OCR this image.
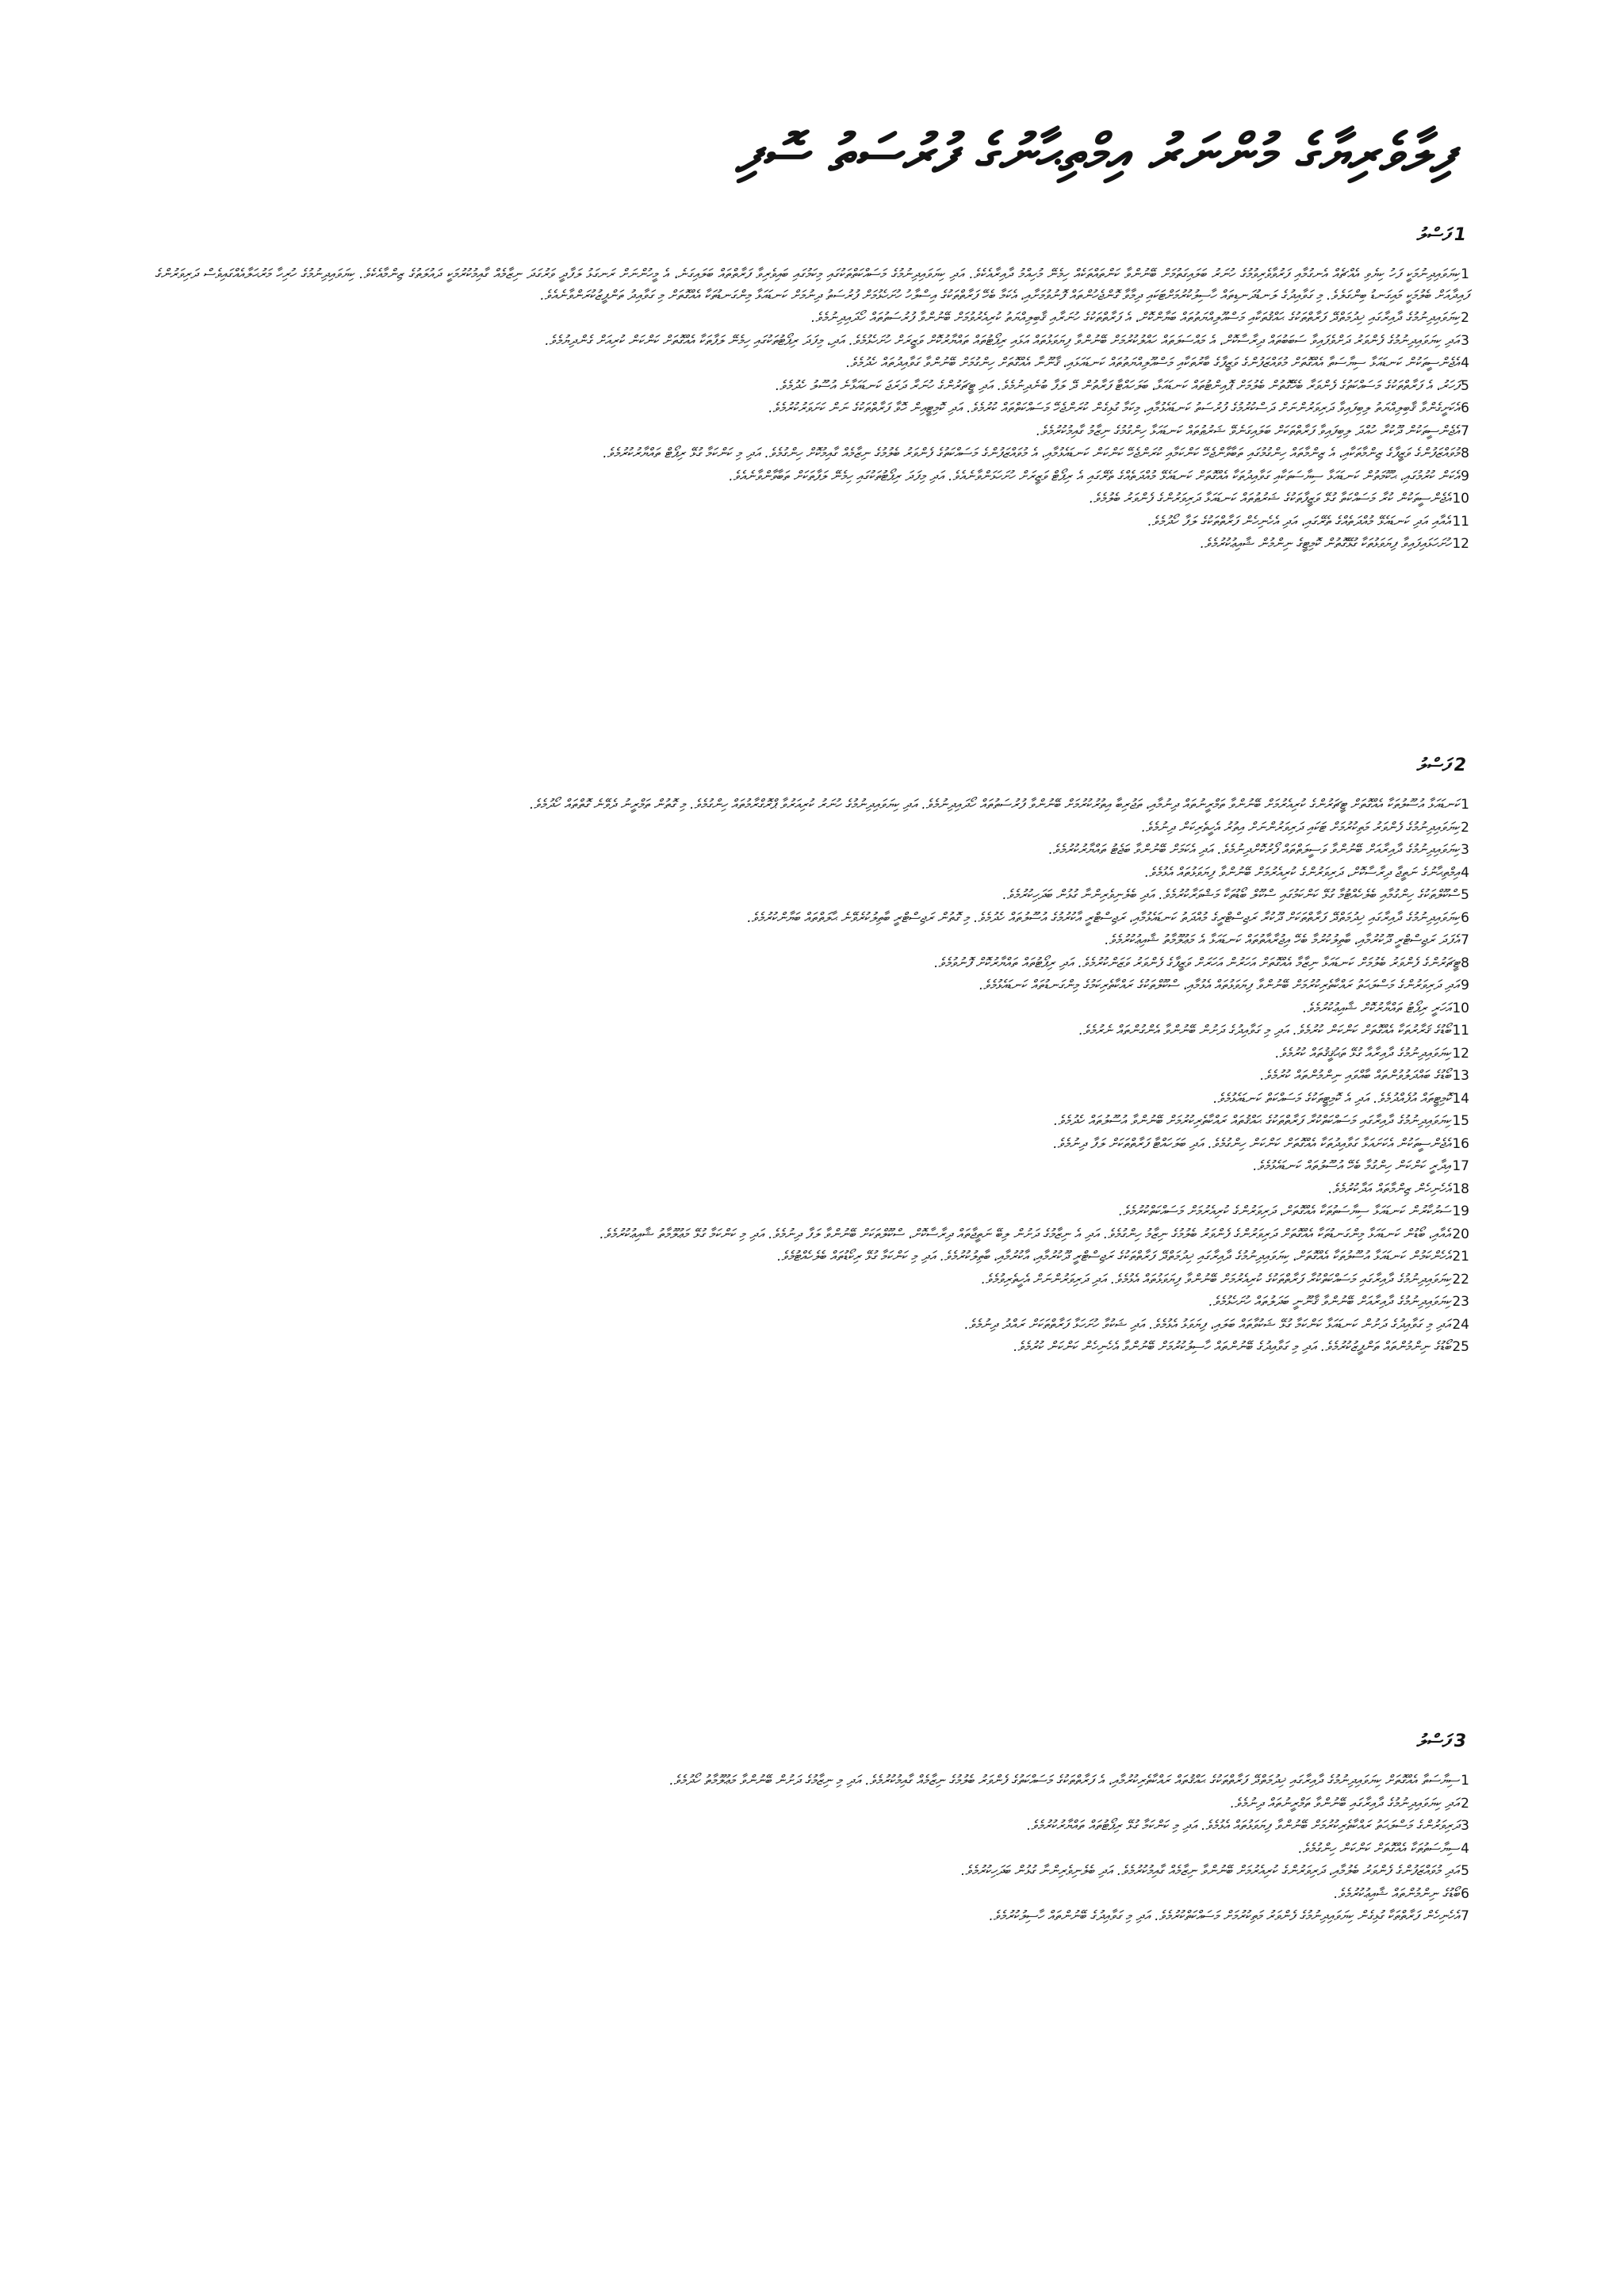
ފިލާވެރިޔާގެ މުންނަރު އިމްތިޙާނުގެ ފުރުސަތު ސޮފި
1ފަސްލު

1ކިޔަވައިދިނުމަކީ ފަހު ކިޔެވި އެއްޗެއް އެނގުމާއި ފަރުވާވެރިވުމުގެ ހުނަރު ބަލައިގަތުމަށް ބޭނުންވާ ކަންތައްތަކެއް ހިމެނޭ މުހިއްމު ދާއިރާއެކެވެ. އަދި ކިޔަވައިދިނުމުގެ މަސައްކަތްތަކުގައި މިކަމުގައި ބައިވެރިވާ ފަރާތްތައް ބަލައިގަނެ، އެ މީހުންނަށް ރަނގަޅު ލަފާދީ ވަރުގަދަ ނިޒާމެއް ގާއިމުކުރުމަކީ ދައުލަތުގެ ޒިންމާއެކެވެ. ކިޔަވައިދިނުމުގެ ހުރިހާ މަރުޙަލާއެއްގައިވެސް ދަރިވަރުންގެ ފައިދާއަށް ބެލުމަކީ މައިގަނޑު ބިންގަލެވެ. މި ގަވާއިދުގެ ލަނޑުދަނޑިތައް ހާސިލުކުރުމަށްޓަކައި ދިމާވާ ގޮންޖެހުންތައް ފޮނުވުމަށާއި، އެކަމާ ބެހޭ ފަރާތްތަކުގެ އިސްލާހު ހުށަހެޅުމަށް ފުރުސަތު ދިނުމަށް ކަނޑައަޅާ މިންގަނޑުތަކާ އެއްގޮތަށް މި ގަވާއިދު ތަންފީޒުކުރަންވާނެއެވެ.

2ކިޔަވައިދިނުމުގެ ދާއިރާގައި ޚިދުމަތްދޭ ފަރާތްތަކުގެ ޙައްޤުތަކާއި މަސްއޫލިއްޔަތުތައް ބަޔާންކޮށް، އެ ފަރާތްތަކުގެ ހުނަރާއި ޤާބިލިއްޔަތު ކުރިއެރުވުމަށް ބޭނުންވާ ފުރުސަތުތައް ހޯދައިދިނުމެވެ.

3އަދި ކިޔަވައިދިނުމުގެ ފެންވަރު ދަށްވެފައިވާ ސަބަބުތައް ދިރާސާކޮށް، އެ މައްސަލަތައް ހައްލުކުރުމަށް ބޭނުންވާ ފިޔަވަޅުތައް އަޅައި ރިޕޯޓުތައް ތައްޔާރުކޮށް ވަޒީރަށް ހުށަހެޅުމެވެ. އަދި، މިފަދަ ރިޕޯޓުތަކުގައި ހިމެނޭ ލަފާތަކާ އެއްގޮތަށް ކަންކަން ކުރިއަށް ގެންދިޔުމެވެ.

4އެޖެންސީތަކުން ކަނޑައަޅާ ސިޔާސަތާ އެއްގޮތަށް މުވައްޒަފުންގެ ވަޒީފާގެ ބާރުތަކާއި މަސްއޫލިއްޔަތުތައް ކަނޑައަޅައި، ޤާނޫނާ އެއްގޮތަށް ހިންގުމަށް ބޭނުންވާ ގަވާއިދުތައް ހެދުމެވެ.

5ފަހަރު، އެ ފަރާތްތަކުގެ މަސައްކަތުގެ ފެންވަރާ ބެހޭގޮތުން ބެލުމަށް ޕޮއިންޓުތައް ކަނޑައަޅާ، ބަލަހައްޓާ ފަރާތުން ދޭ ލަފާ ބުނެދިނުމެވެ. އަދި ޓީޗަރުންގެ ހުނަރާ ދަރަޖަ ކަނޑައަޅާނެ އުސޫލު ހެދުމެވެ.

6އެކަށީގެންވާ ޤާބިލިއްޔަތު ލިބިފައިވާ ދަރިވަރުންނަށް ދަސްކުރުމުގެ ފުރުސަތު ކަނޑައެޅުމާއި، މިކަމާ ގުޅިގެން ކުރަންޖެހޭ މަސައްކަތްތައް ކުރުމެވެ. އަދި ކޮމިޓީއިން ހޮވާ ފަރާތްތަކުގެ ނަން ކަށަވަރުކުރުމެވެ.

7އެޖެންސީތަކުން ދޫކުރާ ހުއްދަ ލިބިފައިވާ ފަރާތްތަކަށް ބަލައިގަނެވޭ ޝަރުޠުތައް ކަނޑައަޅާ ހިންގުމުގެ ނިޒާމު ގާއިމުކުރުމެވެ.

8މުވައްޒަފުންގެ ވަޒީފާގެ ޒިންމާތަކާއި، އެ ޒިންމާތައް ހިންގުމުގައި ތަބާވާންޖެހޭ ކަންކަމާއި ކުރަންޖެހޭ ކަންކަން ކަނޑައެޅުމާއި، އެ މުވައްޒަފުންގެ މަސައްކަތުގެ ފެންވަރު ބެލުމުގެ ނިޒާމެއް ގާއިމުކޮށް ހިންގުމެވެ. އަދި މި ކަންކަމާ ގުޅޭ ރިޕޯޓް ތައްޔާރުކުރުމެވެ.

9އެކަން ކުރުމުގައި، ޙުކޫމަތުން ކަނޑައަޅާ ސިޔާސަތަކާއި ގަވާއިދުތަކާ އެއްގޮތަށް ކަނޑައެޅޭ މުއްދަތެއްގެ ތެރޭގައި އެ ރިޕޯޓް ވަޒީރަށް ހުށަހަޅަންވާނެއެވެ. އަދި މިފަދަ ރިޕޯޓުތަކުގައި ހިމެނޭ ލަފާތަކަށް ތަބާވާންވާނެއެވެ.

10އެޖެންސީތަކުން ކުރާ މަސައްކަތާ ގުޅޭ ވަޒީފާތަކުގެ ޝަރުޠުތައް ކަނޑައަޅާ ދަރިވަރުންގެ ފެންވަރު ބެލުމެވެ.

11އެއާއި އަދި ކަނޑައެޅޭ މުއްދަތެއްގެ ތެރޭގައި، އަދި އެހެނިހެން ފަރާތްތަކުގެ ލަފާ ހޯދުމެވެ.

12ހުށަހަޅައިފައިވާ ފިޔަވަޅުތަކާ ގުޅޭގޮތުން ކޮމިޓީގެ ނިންމުން ޝާއިޢުކުރުމެވެ.

2ފަސްލު

1ކަނޑައަޅާ އުސޫލުތަކާ އެއްގޮތަށް ޓީޗަރުންގެ ކުރިއެރުމަށް ބޭނުންވާ ތަމްރީނުތައް ދިނުމާއި، ތަޖުރިބާ އިތުރުކުރުމަށް ބޭނުންވާ ފުރުސަތުތައް ހޯދައިދިނުމެވެ. އަދި ކިޔަވައިދިނުމުގެ ހުނަރު ކުރިއަރުވާ ޕްރޮގްރާމުތައް ހިންގުމެވެ. މި ގޮތުން ތަމްރީނު ދެވޭނެ ގޮތްތައް ހޯދުމެވެ.

2ކިޔަވައިދިނުމުގެ ފެންވަރު މަތިކުރުމަށް ޓަކައި ދަރިވަރުންނަށް އިތުރު އެހީތެރިކަން ދިނުމެވެ.

3ކިޔަވައިދިނުމުގެ ދާއިރާއަށް ބޭނުންވާ ވަސީލަތްތައް ފޯރުކޮށްދިނުމެވެ. އަދި އެކަމަށް ބޭނުންވާ ބަޖެޓު ތައްޔާރުކުރުމެވެ.

4އިމްތިޙާނުގެ ނަތީޖާ ދިރާސާކޮށް، ދަރިވަރުންގެ ކުރިއެރުމަށް ބޭނުންވާ ފިޔަވަޅުތައް އެޅުމެވެ.

5ސްކޫލްތަކުގެ ހިންގުމާއި ބެލެހެއްޓުމާ ގުޅޭ ކަންކަމުގައި ސްކޫލް ބޯޑުތަކާ މަޝްވަރާކުރުމެވެ. އަދި ބެލެނިވެރިންނާ ގުޅުން ބަދަހިކުރުމެވެ.

6ކިޔަވައިދިނުމުގެ ދާއިރާގައި ޚިދުމަތްދޭ ފަރާތްތަކަށް ދޫކުރާ ރަޖިސްޓްރީގެ މުއްދަތު ކަނޑައެޅުމާއި، ރަޖިސްޓްރީ އާކުރުމުގެ އުސޫލުތައް ހެދުމެވެ. މި ގޮތުން ރަޖިސްޓްރީ ބާތިލުކުރެވޭނެ ޙާލަތްތައް ބަޔާންކުރުމެވެ.

7އެފަދަ ރަޖިސްޓްރީ ދޫކުރުމާއި، ބާތިލުކުރުމާ ބެހޭ އިޖުރާއާތުތައް ކަނޑައަޅާ އެ މަޢުލޫމާތު ޝާއިޢުކުރުމެވެ.

8ޓީޗަރުންގެ ފެންވަރު ބެލުމަށް ކަނޑައަޅާ ނިޒާމާ އެއްގޮތަށް އަހަރުން އަހަރަށް ވަޒީފާގެ ފެންވަރު ވަޒަންކުރުމެވެ. އަދި ރިޕޯޓުތައް ތައްޔާރުކޮށް ފޮނުވުމެވެ.

9އަދި ދަރިވަރުންގެ މަސްލަޙަތު ރައްކާތެރިކުރުމަށް ބޭނުންވާ ފިޔަވަޅުތައް އެޅުމާއި، ސްކޫލްތަކުގެ ރައްކާތެރިކަމުގެ މިންގަނޑުތައް ކަނޑައެޅުމެވެ.

10އަހަރީ ރިޕޯޓު ތައްޔާރުކޮށް ޝާއިޢުކުރުމެވެ.

11ބޯޑުގެ ޤަރާރުތަކާ އެއްގޮތަށް ކަންކަން ކުރުމެވެ. އަދި މި ގަވާއިދުގެ ދަށުން ބޭނުންވާ އެންގުންތައް ނެރުމެވެ.

12ކިޔަވައިދިނުމުގެ ދާއިރާއާ ގުޅޭ ތަޙުޤީޤުތައް ކުރުމެވެ.

13ބޯޑުގެ ބައްދަލުވުންތައް ބާއްވައި ނިންމުންތައް ކުރުމެވެ.

14ކޮމިޓީތައް އުފެއްދުމެވެ. އަދި އެ ކޮމިޓީތަކުގެ މަސައްކަތް ކަނޑައެޅުމެވެ.

15ކިޔަވައިދިނުމުގެ ދާއިރާގައި މަސައްކަތްކުރާ ފަރާތްތަކުގެ ޙައްޤުތައް ރައްކާތެރިކުރުމަށް ބޭނުންވާ އުސޫލުތައް ހެދުމެވެ.

16އެޖެންސީތަކުން އެކަށައަޅާ ގަވާއިދުތަކާ އެއްގޮތަށް ކަންކަން ހިންގުމެވެ. އަދި ބަލަހައްޓާ ފަރާތްތަކަށް ލަފާ ދިނުމެވެ.

17އިދާރީ ކަންކަން ހިންގުމާ ބެހޭ އުސޫލުތައް ކަނޑައެޅުމެވެ.

18އެހެނިހެން ޒިންމާތައް އަދާކުރުމެވެ.

19ސަރުކާރުން ކަނޑައަޅާ ސިޔާސަތުތަކާ އެއްގޮތަށް، ދަރިވަރުންގެ ކުރިއެރުމަށް މަސައްކަތްކުރުމެވެ.

20އެއާއި، ބޯޑުން ކަނޑައަޅާ މިންގަނޑުތަކާ އެއްގޮތަށް ދަރިވަރުންގެ ފެންވަރު ބެލުމުގެ ނިޒާމު ހިންގުމެވެ. އަދި އެ ނިޒާމުގެ ދަށުން ލިބޭ ނަތީޖާތައް ދިރާސާކޮށް، ސްކޫލްތަކަށް ބޭނުންވާ ލަފާ ދިނުމެވެ. އަދި މި ކަންކަމާ ގުޅޭ މަޢުލޫމާތު ޝާއިޢުކުރުމެވެ.

21އެހެންކަމުން ކަނޑައަޅާ އުސޫލުތަކާ އެއްގޮތަށް، ކިޔަވައިދިނުމުގެ ދާއިރާގައި ޚިދުމަތްދޭ ފަރާތްތަކުގެ ރަޖިސްޓްރީ ދޫކުރުމާއި، އާކުރުމާއި، ބާތިލުކުރުމެވެ. އަދި މި ކަންކަމާ ގުޅޭ ރިކޯޑުތައް ބެލެހެއްޓުމެވެ.

22ކިޔަވައިދިނުމުގެ ދާއިރާގައި މަސައްކަތްކުރާ ފަރާތްތަކުގެ ކުރިއެރުމަށް ބޭނުންވާ ފިޔަވަޅުތައް އެޅުމެވެ. އަދި ދަރިވަރުންނަށް އެހީތެރިވުމެވެ.

23ކިޔަވައިދިނުމުގެ ދާއިރާއަށް ބޭނުންވާ ޤާނޫނީ ބަދަލުތައް ހުށަހެޅުމެވެ.

24އަދި މި ގަވާއިދުގެ ދަށުން ކަނޑައަޅާ ކަންކަމާ ގުޅޭ ޝަކުވާތައް ބަލައި، ފިޔަވަޅު އެޅުމެވެ. އަދި ޝަކުވާ ހުށަހަޅާ ފަރާތްތަކަށް ރައްދު ދިނުމެވެ.

25ބޯޑުގެ ނިންމުންތައް ތަންފީޒުކުރުމެވެ. އަދި މި ގަވާއިދުގެ ބޭނުންތައް ހާސިލުކުރުމަށް ބޭނުންވާ އެހެނިހެން ކަންކަން ކުރުމެވެ.

3ފަސްލު

1ސިޔާސަތާ އެއްގޮތަށް ކިޔަވައިދިނުމުގެ ދާއިރާގައި ޚިދުމަތްދޭ ފަރާތްތަކުގެ ޙައްޤުތައް ރައްކާތެރިކުރުމާއި، އެ ފަރާތްތަކުގެ މަސައްކަތުގެ ފެންވަރު ބެލުމުގެ ނިޒާމެއް ގާއިމުކުރުމެވެ. އަދި މި ނިޒާމުގެ ދަށުން ބޭނުންވާ މަޢުލޫމާތު ހޯދުމެވެ.

2އަދި ކިޔަވައިދިނުމުގެ ދާއިރާގައި ބޭނުންވާ ތަމްރީނުތައް ދިނުމެވެ.

3ދަރިވަރުންގެ މަސްލަޙަތު ރައްކާތެރިކުރުމަށް ބޭނުންވާ ފިޔަވަޅުތައް އެޅުމެވެ. އަދި މި ކަންކަމާ ގުޅޭ ރިޕޯޓުތައް ތައްޔާރުކުރުމެވެ.

4ސިޔާސަތުތަކާ އެއްގޮތަށް ކަންކަން ހިންގުމެވެ.

5އަދި މުވައްޒަފުންގެ ފެންވަރު ބެލުމާއި، ދަރިވަރުންގެ ކުރިއެރުމަށް ބޭނުންވާ ނިޒާމެއް ގާއިމުކުރުމެވެ. އަދި ބެލެނިވެރިންނާ ގުޅުން ބަދަހިކުރުމެވެ.

6ބޯޑުގެ ނިންމުންތައް ޝާއިޢުކުރުމެވެ.

7އެހެނިހެން ފަރާތްތަކާ ގުޅިގެން ކިޔަވައިދިނުމުގެ ފެންވަރު މަތިކުރުމަށް މަސައްކަތްކުރުމެވެ. އަދި މި ގަވާއިދުގެ ބޭނުންތައް ހާސިލުކުރުމެވެ.
